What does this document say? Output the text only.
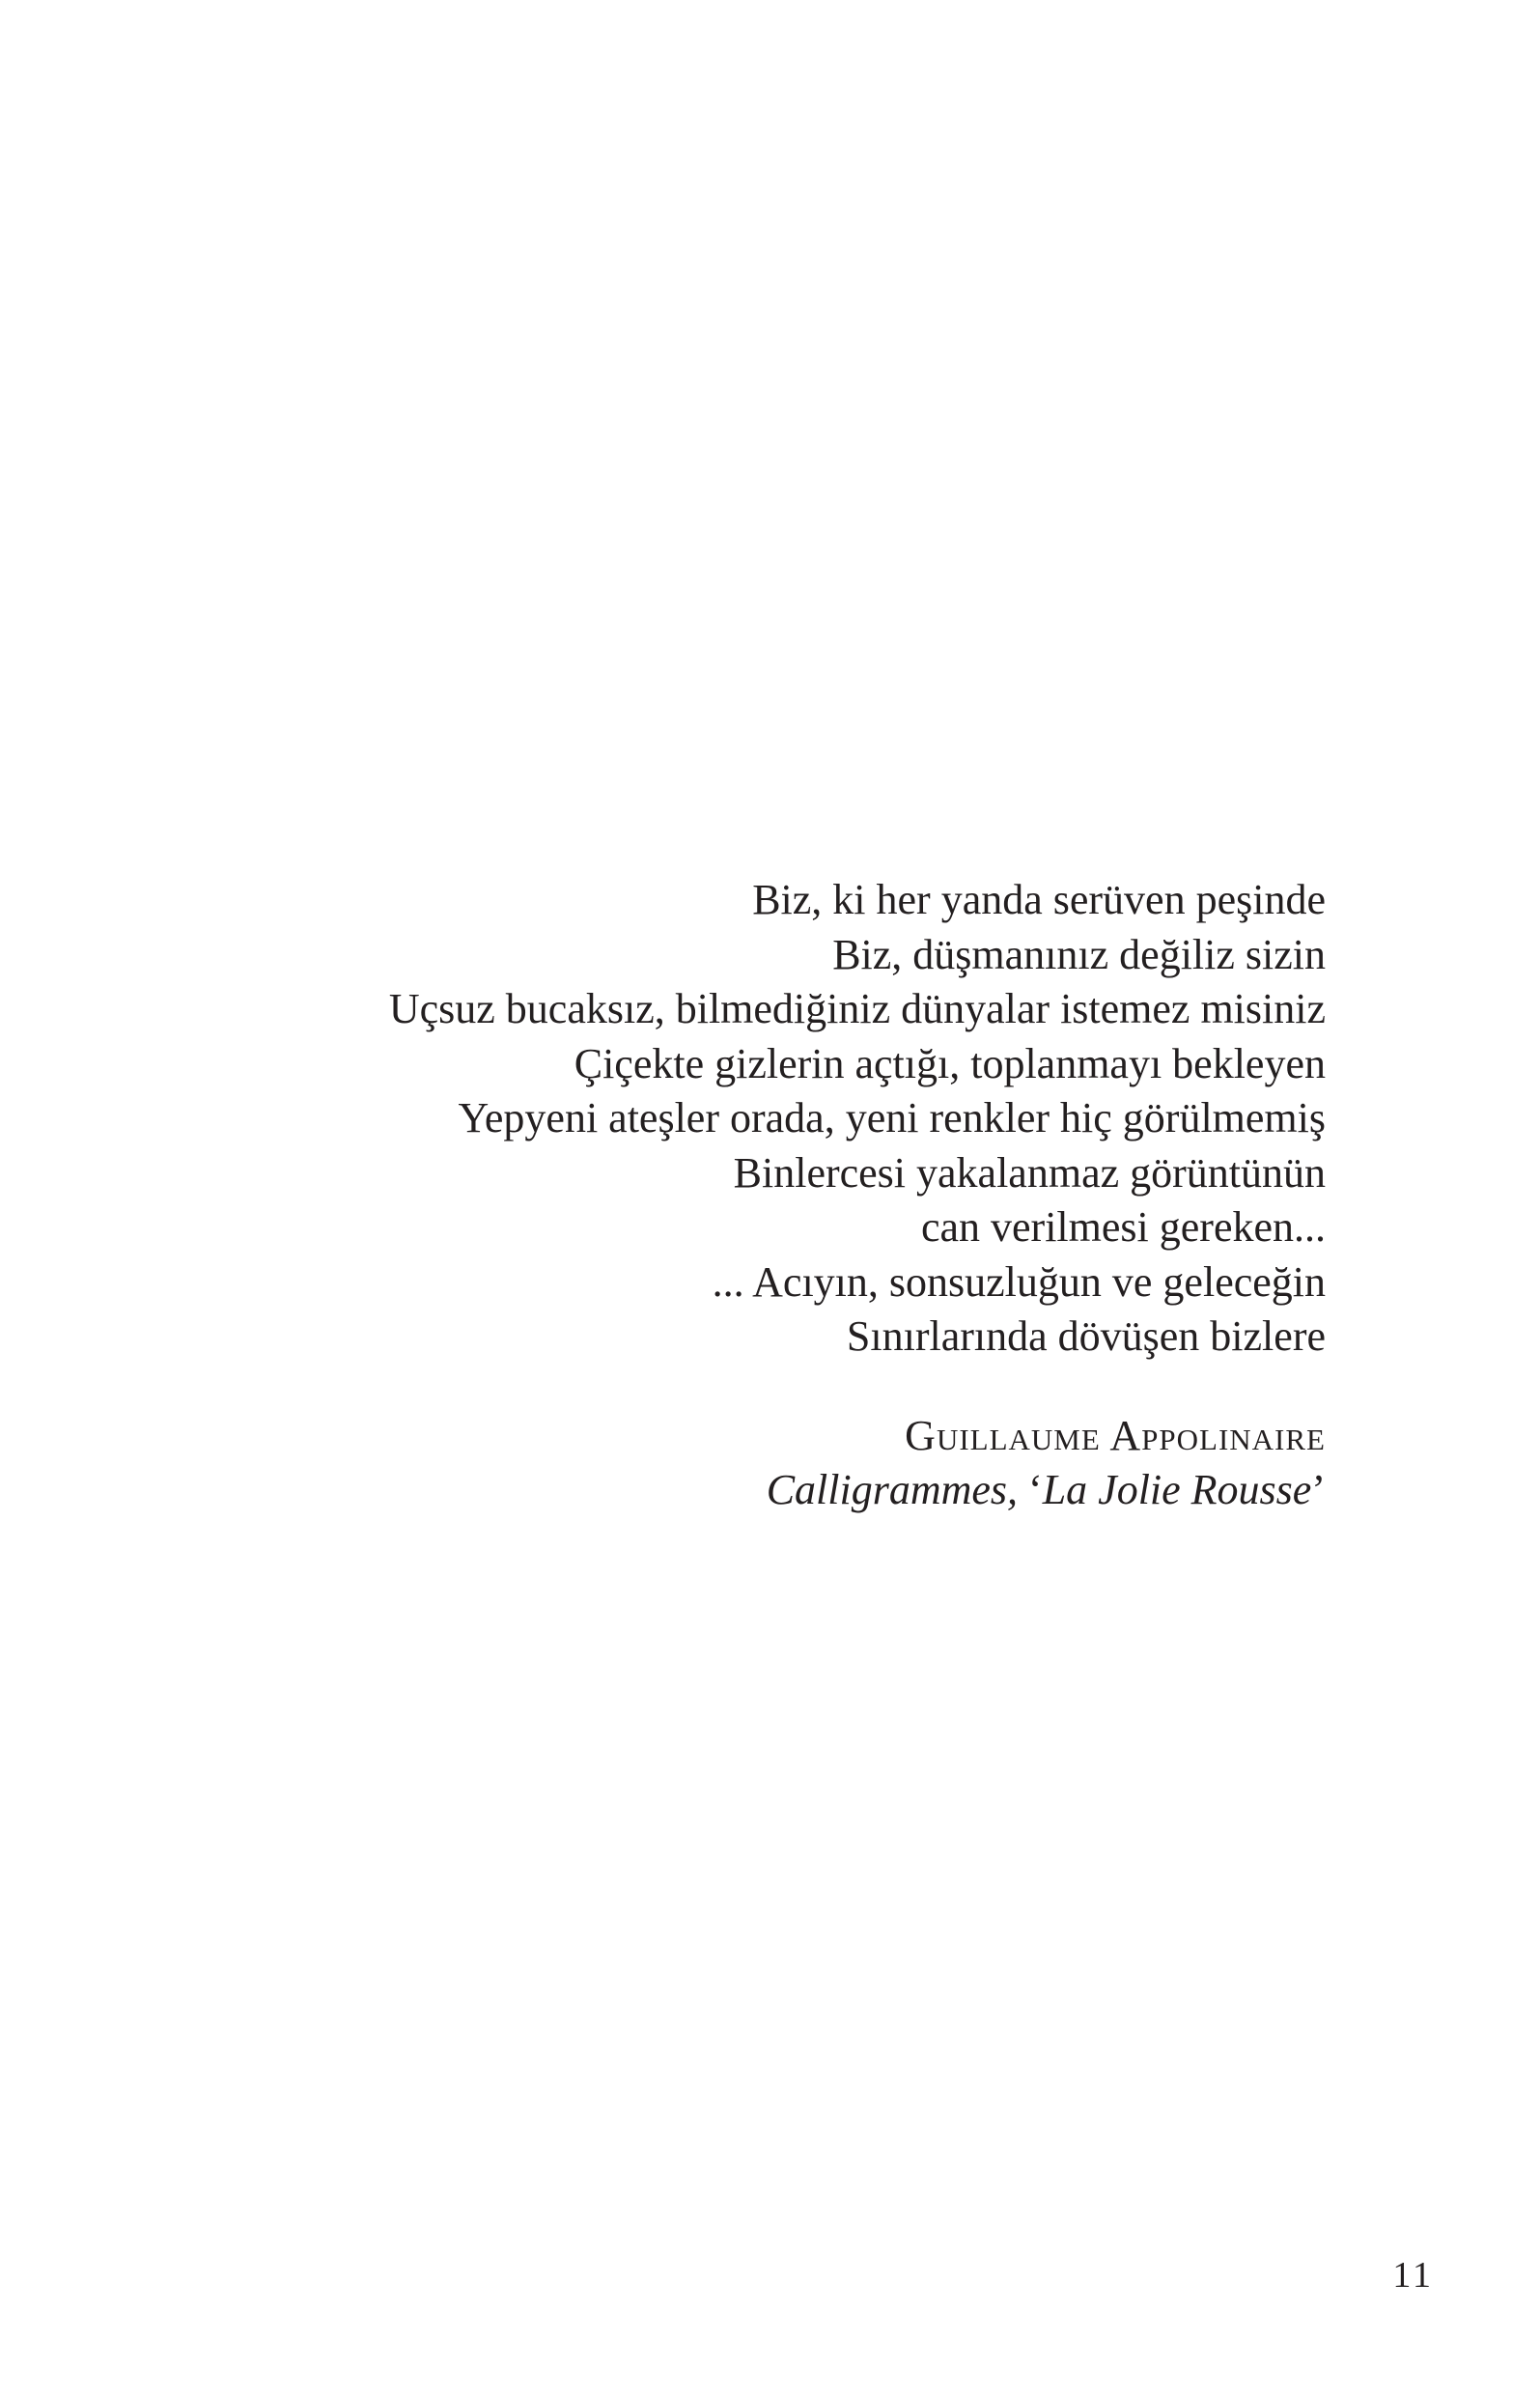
Biz, ki her yanda serüven peşinde
Biz, düşmanınız değiliz sizin
Uçsuz bucaksız, bilmediğiniz dünyalar istemez misiniz
Çiçekte gizlerin açtığı, toplanmayı bekleyen
Yepyeni ateşler orada, yeni renkler hiç görülmemiş
Binlercesi yakalanmaz görüntünün
can verilmesi gereken...
... Acıyın, sonsuzluğun ve geleceğin
Sınırlarında dövüşen bizlere
Guillaume Appolinaire
Calligrammes, ‘La Jolie Rousse’
11
